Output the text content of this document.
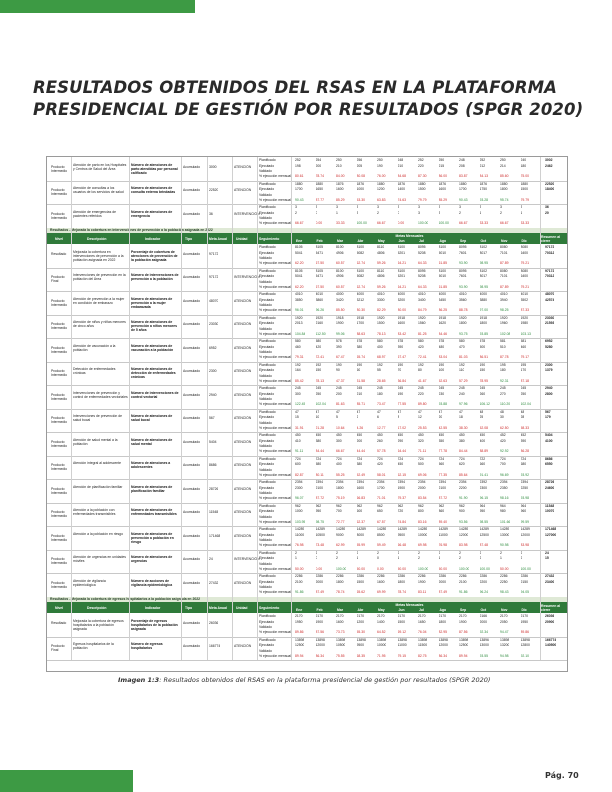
RESULTADOS OBTENIDOS DEL RSAS EN LA PLATAFORMA PRESIDENCIAL DE GESTIÓN POR RESULTADOS (SPGR 2020)
Producto Intermedio
Atención de parto en los Hospitales y Centros de Salud del Área
Número de atenciones de parto atendidas por personal calificado
Acumulado	3000	ATENCIÓN
Planificado	252	254	250	256	250	248	252	250	248	252	250	240	3002
Ejecutado	198	200	210	205	190	210	220	215	208	212	214	180	2462
Validado
% ejecución mensual 80.61	78.74	84.00	80.08	76.00	84.68	87.30	86.00	83.87	84.13	85.60	75.00
Producto Intermedio
Atención de consultas a los usuarios de los servicios de salud
Número de atenciones de consulta externa brindadas	Acumulado	22520	ATENCIÓN
Planificado	1880	1880	1876	1876	1880	1876	1880	1876	1880	1876	1880	1880	22520
Ejecutado	1700	1650	1600	1000	1200	1400	1500	1600	1700	1750	1800	1500	18400
Validado
% ejecución mensual 90.43	87.77	85.29	53.30	63.83	74.63	79.79	85.29	90.43	93.28	95.74	79.79
Producto Intermedio
Atención de emergencias de pacientes referidos
Número de atenciones de emergencia	Acumulado	36	INTERVENCIÓN
Planificado	3	3	3	3	3	3	3	3	3	3	3	3	36
Ejecutado	2	0	1	3	2	0	3	3	2	1	2	1	20
Validado
% ejecución mensual 66.67	0.00	33.33	100.00	66.67	0.00	100.00	100.00	66.67	33.33	66.67	33.33
Resultados - Mejorada la cobertura en intervenciones de prevención a la población asignada en 2022
Nivel	Descripción	Indicador	Tipo	Meta Anual	Unidad	Seguimiento
Metas Mensuales
Ene	Feb	Mar	Abr	May	Jun	Jul	Ago	Sep	Oct	Nov	Dic
Resumen al cierre
Resultado	Mejorada la cobertura en intervenciones de prevención a la población asignada en 2022
Porcentaje de cobertura de atenciones de prevención de la población asignada
Acumulado	97172
Planificado	8105	8105	8100	8100	8110	8100	8095	8100	8095	8102	8080	8080	97172
Ejecutado	5041	5471	4906	5082	4806	5201	5208	5010	7601	8017	7101	6400	70312
Validado
% ejecución mensual 62.20	67.50	60.57	62.74	59.26	64.21	64.33	61.85	93.90	98.95	87.89	79.21
Producto Final
Intervenciones de prevención en la población del Área
Número de intervenciones de prevención a la población	Acumulado	97172	INTERVENCIÓN
Planificado	8105	8105	8100	8100	8110	8100	8095	8100	8095	8102	8080	8080	97172
Ejecutado	5041	5471	4906	5082	4806	5201	5208	5010	7601	8017	7101	6400	70312
Validado
% ejecución mensual 62.20	67.50	60.57	62.74	59.26	64.21	64.33	61.85	93.90	98.95	87.89	79.21
Producto Intermedio
Atención de prevención a la mujer en condición de embarazo
Número de atenciones de prevención a la mujer embarazada
Acumulado	48070	ATENCIÓN
Planificado	4010	4010	4000	4000	4010	4000	4010	4000	4010	4000	4010	4010	48070
Ejecutado	3850	3860	3420	3212	3300	3200	3400	3450	3560	3880	3940	3502	42574
Validado
% ejecución mensual 96.01	96.26	85.50	80.30	82.29	80.00	84.79	86.25	88.78	97.00	98.25	87.33
Producto Intermedio
Atención de niños y niñas menores de cinco años
Número de atenciones de prevención a niños menores de 5 años
Acumulado	23030	ATENCIÓN
Planificado	1920	1920	1918	1918	1920	1918	1920	1918	1920	1918	1920	1920	23030
Ejecutado	2013	2160	1900	1700	1500	1600	1560	1620	1800	1800	1960	1980	21593
Validado
% ejecución mensual 104.84	112.50	99.06	88.63	78.13	83.42	81.25	84.46	93.75	93.85	102.08	103.13
Producto Intermedio
Atención de vacunación a la población
Número de atenciones de vacunación a la población	Acumulado	6952	ATENCIÓN
Planificado	580	580	578	578	580	578	580	578	580	578	581	581	6952
Ejecutado	460	420	390	380	400	390	420	480	470	500	510	460	5280
Validado
% ejecución mensual 79.31	72.41	67.47	65.74	68.97	67.47	72.41	83.04	81.03	86.51	87.78	79.17
Producto Intermedio
Detección de enfermedades crónicas
Número de atenciones de detección de enfermedades crónicas
Acumulado	2300	ATENCIÓN
Planificado	192	192	190	190	192	190	192	190	192	190	195	195	2300
Ejecutado	164	150	90	60	55	70	80	100	110	150	180	170	1379
Validado
% ejecución mensual 85.42	78.13	47.37	31.58	28.65	36.84	41.67	52.63	57.29	78.95	92.31	87.18
Producto Intermedio
Intervenciones de prevención y control de enfermedades vectoriales
Número de intervenciones de control vectorial	Acumulado	2940	ATENCIÓN
Planificado	245	245	245	245	245	245	245	245	245	245	245	245	2940
Ejecutado	300	250	200	210	180	190	220	230	240	260	270	250	2800
Validado
% ejecución mensual 122.45	102.04	81.63	85.71	73.47	77.55	89.80	93.88	97.96	106.12	110.20	102.04
Producto Intermedio
Intervenciones de prevención de salud bucal
Número de atenciones de salud bucal	Acumulado	567	ATENCIÓN
Planificado	47	47	47	47	47	47	47	47	47	48	48	48	567
Ejecutado	15	10	5	2	6	8	12	20	18	25	30	28	179
Validado
% ejecución mensual 31.91	21.28	10.64	4.26	12.77	17.02	25.53	42.55	38.30	52.08	62.50	58.33
Producto Intermedio
Atención de salud mental a la población
Número de atenciones de salud mental	Acumulado	5404	ATENCIÓN
Planificado	450	450	450	450	450	450	450	450	450	450	452	452	5404
Ejecutado	410	380	300	200	260	290	320	350	380	400	420	390	4100
Validado
% ejecución mensual 91.11	84.44	66.67	44.44	57.78	64.44	71.11	77.78	84.44	88.89	92.92	86.28
Producto Intermedio
Atención integral al adolescente	Número de atenciones a adolescentes	Acumulado	8686	ATENCIÓN
Planificado	724	724	724	724	724	724	724	724	724	722	724	724	8686
Ejecutado	600	580	400	380	420	450	500	560	620	660	700	680	6550
Validado
% ejecución mensual 82.87	80.11	55.25	52.49	58.01	62.15	69.06	77.35	85.64	91.41	96.69	93.92
Producto Intermedio
Atención de planificación familiar	Número de atenciones de planificación familiar	Acumulado	28726	ATENCIÓN
Planificado	2394	2394	2394	2394	2394	2394	2394	2394	2394	2392	2394	2394	28726
Ejecutado	2300	2100	1800	1600	1700	1900	2000	2100	2200	2300	2350	2250	24600
Validado
% ejecución mensual 96.07	87.72	75.19	66.83	71.01	79.37	83.54	87.72	91.90	96.15	98.16	93.98
Producto Intermedio
Atención a la población con enfermedades transmisibles
Número de atenciones de enfermedades transmisibles	Acumulado	11548	ATENCIÓN
Planificado	962	962	962	962	962	962	962	962	962	964	964	964	11548
Ejecutado	1000	950	700	600	650	720	800	860	900	950	980	960	10070
Validado
% ejecución mensual 103.95	98.75	72.77	62.37	67.57	74.84	83.16	89.40	93.56	98.55	101.66	99.59
Producto Intermedio
Atención a la población en riesgo	Número de atenciones de prevención a población en riesgo
Acumulado	171468	ATENCIÓN
Planificado	14289	14289	14289	14289	14289	14289	14289	14289	14289	14289	14289	14289	171468
Ejecutado	11000	10500	9000	8000	8500	9500	10000	11000	12000	12500	13000	12000	127000
Validado
% ejecución mensual 76.98	73.48	62.99	55.99	59.49	66.48	69.98	76.98	83.98	87.48	90.98	83.98
Producto Intermedio
Atención de urgencias en unidades móviles
Número de atenciones de urgencias	Acumulado	24	INTERVENCIÓN
Planificado	2	2	2	2	2	2	2	2	2	2	2	2	24
Ejecutado	1	0	2	1	0	1	2	1	2	2	1	2	15
Validado
% ejecución mensual 50.00	0.00	100.00	50.00	0.00	50.00	100.00	50.00	100.00	100.00	50.00	100.00
Producto Intermedio
Atención de vigilancia epidemiológica
Número de acciones de vigilancia epidemiológica	Acumulado	27432	ATENCIÓN
Planificado	2286	2286	2286	2286	2286	2286	2286	2286	2286	2286	2286	2286	27432
Ejecutado	2100	2000	1800	1500	1600	1800	1900	2000	2100	2200	2250	2150	23400
Validado
% ejecución mensual 91.86	87.49	78.74	65.62	69.99	78.74	83.11	87.49	91.86	96.24	98.43	94.05
Resultados - Mejorada la cobertura de egresos hospitalarios a la población asignada en 2022
Nivel	Descripción	Indicador	Tipo	Meta Anual	Unidad	Seguimiento
Metas Mensuales
Ene	Feb	Mar	Abr	May	Jun	Jul	Ago	Sep	Oct	Nov	Dic
Resumen al cierre
Resultado	Mejorada la cobertura de egresos hospitalarios a la población asignada
Porcentaje de egresos hospitalarios de la población asignada
Acumulado	26036
Planificado	2170	2170	2170	2170	2170	2170	2170	2170	2170	2166	2170	2170	26036
Ejecutado	1950	1900	1600	1200	1400	1500	1650	1800	1900	2000	2050	1950	20900
Validado
% ejecución mensual 89.86	87.56	73.73	55.30	64.52	69.12	76.04	82.95	87.56	92.34	94.47	89.86
Producto Final
Egresos hospitalarios de la población
Número de egresos hospitalarios	Acumulado	166774	ATENCIÓN
Planificado	13898	13898	13898	13898	13898	13898	13898	13898	13898	13896	13898	13898	166774
Ejecutado	12500	12000	10500	9500	10000	11000	11500	12000	12500	13000	13200	12800	140500
Validado
% ejecución mensual 89.94	86.34	75.55	68.35	71.95	79.15	82.75	86.34	89.94	93.55	94.98	92.10
Imagen 1:3: Resultados obtenidos del RSAS en la plataforma presidencial de gestión por resultados (SPGR 2020)
Pág. 70
